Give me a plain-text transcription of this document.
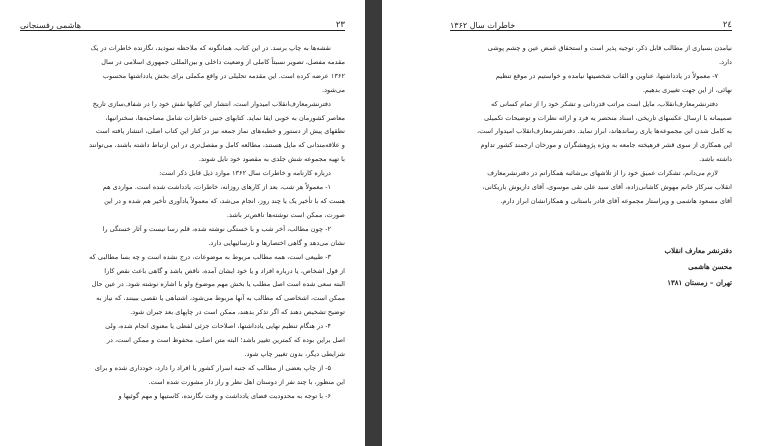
۲۳
هاشمی رفسنجانی

نقشه‌ها به چاپ برسد. در این کتاب، همانگونه که ملاحظه نمودید، نگارنده خاطرات در یک

مقدمه مفصل، تصویر نسبتاً کاملی از وضعیت داخلی و بین‌المللی جمهوری اسلامی در سال

۱۳۶۲ عرضه کرده است. این مقدمه تحلیلی در واقع مکملی برای بخش یادداشتها محسوب

می‌شود.

دفترنشرمعارف‌انقلاب امیدوار است، انتشار این کتابها نقش خود را در شفاف‌سازی تاریخ

معاصر کشورمان به خوبی ایفا نماید. کتابهای جنبی خاطرات شامل مصاحبه‌ها، سخنرانیها،

نطقهای پیش از دستور و خطبه‌های نماز جمعه نیز در کنار این کتاب اصلی، انتشار یافته است

و علاقه‌مندانی که مایل هستند، مطالعه کامل و مفصل‌تری در این ارتباط داشته باشند، می‌توانند

با تهیه مجموعه شش جلدی به مقصود خود نایل شوند.

درباره کارنامه و خاطرات سال ۱۳۶۲ موارد ذیل قابل ذکر است:

۱- معمولاً هر شب، بعد از کارهای روزانه، خاطرات، یادداشت شده است. مواردی هم

هست که با تأخیر یک یا چند روز، انجام می‌شد، که معمولاً یادآوری تأخیر هم شده و در این

صورت، ممکن است نوشته‌ها ناقص‌تر باشد.

۲- چون مطالب، آخر شب و با خستگی نوشته شده، قلم رسا نیست و آثار خستگی را

نشان می‌دهد و گاهی اختصارها و نارسائیهایی دارد.

۳- طبیعی است، همه مطالب مربوط به موضوعات، درج نشده است و چه بسا مطالبی که

از قول اشخاص، یا درباره افراد و یا خود ایشان آمده، ناقص باشد و گاهی باعث نقص کارا

البته سعی شده است اصل مطلب یا بخش مهم موضوع ولو با اشاره نوشته شود. در عین حال

ممکن است، اشخاصی که مطالب به آنها مربوط می‌شود، اشتباهی یا نقصی ببینند، که نیاز به

توضیح تشخیص دهند که اگر تذکر بدهند، ممکن است در چاپهای بعد جبران شود.

۴- در هنگام تنظیم نهایی یادداشتها، اصلاحات جزئی لفظی یا معنوی انجام شده، ولی

اصل براین بوده که کمترین تغییر باشد؛ البته متن اصلی، محفوظ است و ممکن است، در

شرایطی دیگر، بدون تغییر چاپ شود.

۵- از چاپ بعضی از مطالب که جنبه اسرار کشور یا افراد را دارد، خودداری شده و برای

این منظور، با چند نفر از دوستان اهل نظر و راز دار مشورت شده است.

۶- با توجه به محدودیت فضای یادداشت و وقت نگارنده، کاستیها و مهم گوئیها و

۲٤
خاطرات سال ۱۳۶۲

نیامدن بسیاری از مطالب قابل ذکر، توجیه پذیر است و استحقاق غمض عین و چشم پوشی

دارد.

۷- معمولاً در یادداشتها، عناوین و القاب شخصیتها نیامده و خواستیم در موقع تنظیم

نهائی، از این جهت تغییری بدهیم.

دفترنشرمعارف‌انقلاب، مایل است مراتب قدردانی و تشکر خود را از تمام کسانی که

صمیمانه با ارسال عکسهای تاریخی، اسناد منحصر به فرد و ارائه نظرات و توضیحات تکمیلی

به کامل شدن این مجموعه‌ها یاری رساندهاند، ابراز نماید. دفترنشرمعارف‌انقلاب امیدوار است،

این همکاری از سوی قشر فرهیخته جامعه به ویژه پژوهشگران و مورخان ارجمند کشور تداوم

داشته باشد.

لازم می‌دانم، تشکرات عمیق خود را از تلاشهای بی‌شائبه همکارانم در دفترنشرمعارف

انقلاب سرکار خانم مهوش کاشانی‌زاده، آقای سید علی تقی موسوی، آقای داریوش باریکانی،

آقای مسعود هاشمی و ویراستار مجموعه آقای قادر باستانی و همکارانشان ابراز دارم.

دفترنشر معارف انقلاب
محسن هاشمی
تهران – زمستان ۱۳۸۱
